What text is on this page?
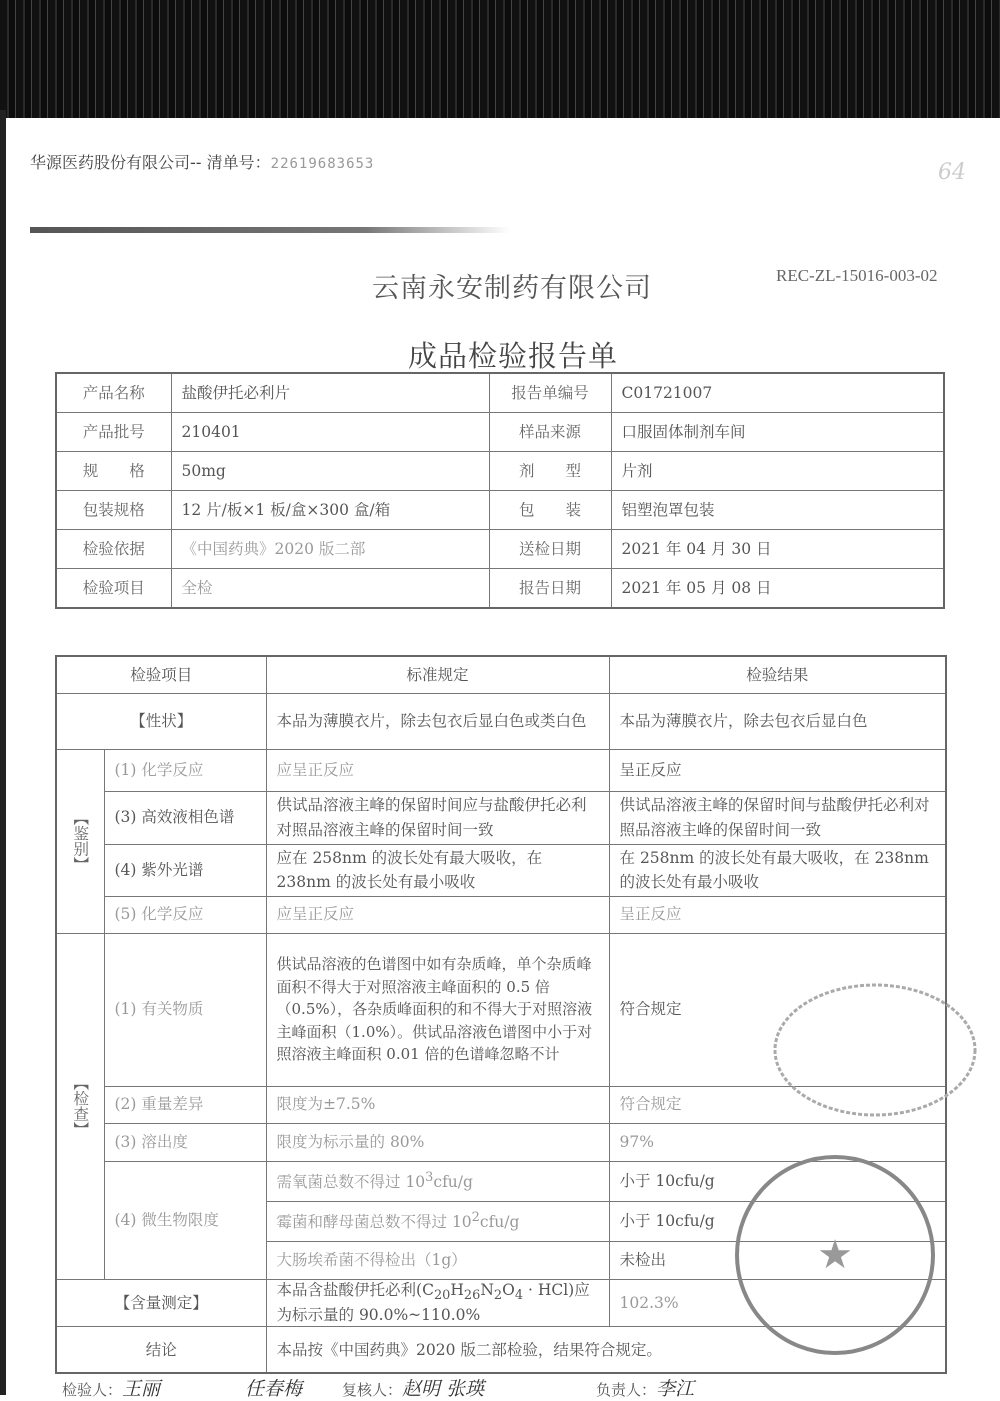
华源医药股份有限公司-- 清单号：22619683653	64
云南永安制药有限公司	REC-ZL-15016-003-02
成品检验报告单
产品名称	盐酸伊托必利片	报告单编号	C01721007
产品批号	210401	样品来源	口服固体制剂车间
规　　格	50mg	剂　　型	片剂
包装规格	12 片/板×1 板/盒×300 盒/箱	包　　装	铝塑泡罩包装
检验依据	《中国药典》2020 版二部	送检日期	2021 年 04 月 30 日
检验项目	全检	报告日期	2021 年 05 月 08 日
检验项目		标准规定	检验结果
【性状】		本品为薄膜衣片，除去包衣后显白色或类白色	本品为薄膜衣片，除去包衣后显白色
【鉴别】	(1) 化学反应	应呈正反应	呈正反应
	(3) 高效液相色谱	供试品溶液主峰的保留时间应与盐酸伊托必利对照品溶液主峰的保留时间一致	供试品溶液主峰的保留时间与盐酸伊托必利对照品溶液主峰的保留时间一致
	(4) 紫外光谱	应在 258nm 的波长处有最大吸收，在 238nm 的波长处有最小吸收	在 258nm 的波长处有最大吸收，在 238nm 的波长处有最小吸收
	(5) 化学反应	应呈正反应	呈正反应
【检查】	(1) 有关物质	供试品溶液的色谱图中如有杂质峰，单个杂质峰面积不得大于对照溶液主峰面积的 0.5 倍（0.5%），各杂质峰面积的和不得大于对照溶液主峰面积（1.0%）。供试品溶液色谱图中小于对照溶液主峰面积 0.01 倍的色谱峰忽略不计	符合规定
	(2) 重量差异	限度为±7.5%	符合规定
	(3) 溶出度	限度为标示量的 80%	97%
	(4) 微生物限度	需氧菌总数不得过 $10^3cfu/g$	小于 10cfu/g
		霉菌和酵母菌总数不得过 $10^2cfu/g$	小于 10cfu/g
		大肠埃希菌不得检出（1g）	未检出
【含量测定】		本品含盐酸伊托必利$(C_{20}H_{26}N_2O_4 \cdot HCl)$应为标示量的 90.0%~110.0%	102.3%
结论		本品按《中国药典》2020 版二部检验，结果符合规定。	
★
检验人：王丽	任春梅	复核人：赵明 张瑛	负责人：李江
